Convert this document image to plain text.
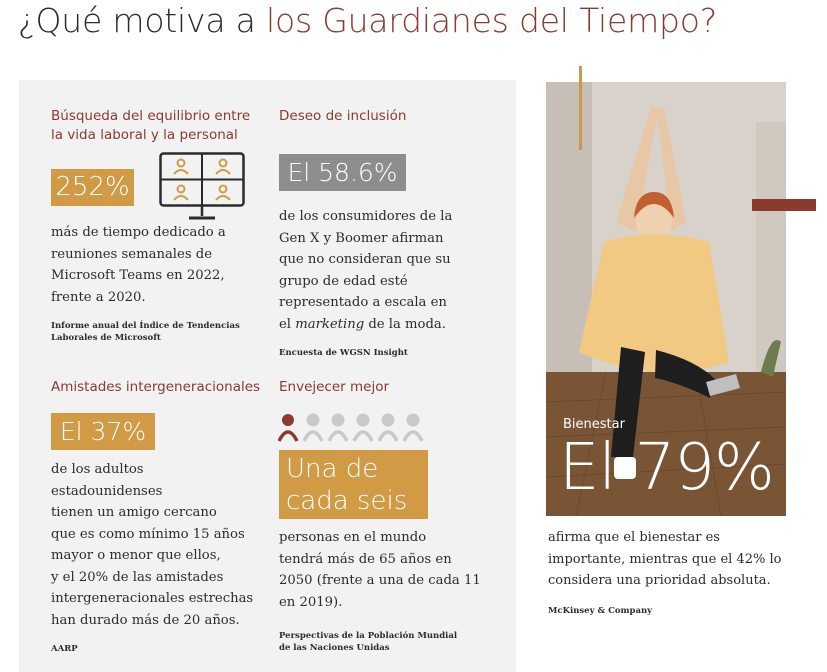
¿Qué motiva a los Guardianes del Tiempo?
Búsqueda del equilibrio entre
la vida laboral y la personal
252%
más de tiempo dedicado a
reuniones semanales de
Microsoft Teams en 2022,
frente a 2020.
Informe anual del Índice de Tendencias
Laborales de Microsoft
Deseo de inclusión
El 58.6%
de los consumidores de la
Gen X y Boomer afirman
que no consideran que su
grupo de edad esté
representado a escala en
el marketing de la moda.
Encuesta de WGSN Insight
Amistades intergeneracionales
El 37%
de los adultos
estadounidenses
tienen un amigo cercano
que es como mínimo 15 años
mayor o menor que ellos,
y el 20% de las amistades
intergeneracionales estrechas
han durado más de 20 años.
AARP
Envejecer mejor
Una de
cada seis
personas en el mundo
tendrá más de 65 años en
2050 (frente a una de cada 11
en 2019).
Perspectivas de la Población Mundial
de las Naciones Unidas
Bienestar
El 79%
afirma que el bienestar es
importante, mientras que el 42% lo
considera una prioridad absoluta.
McKinsey & Company
